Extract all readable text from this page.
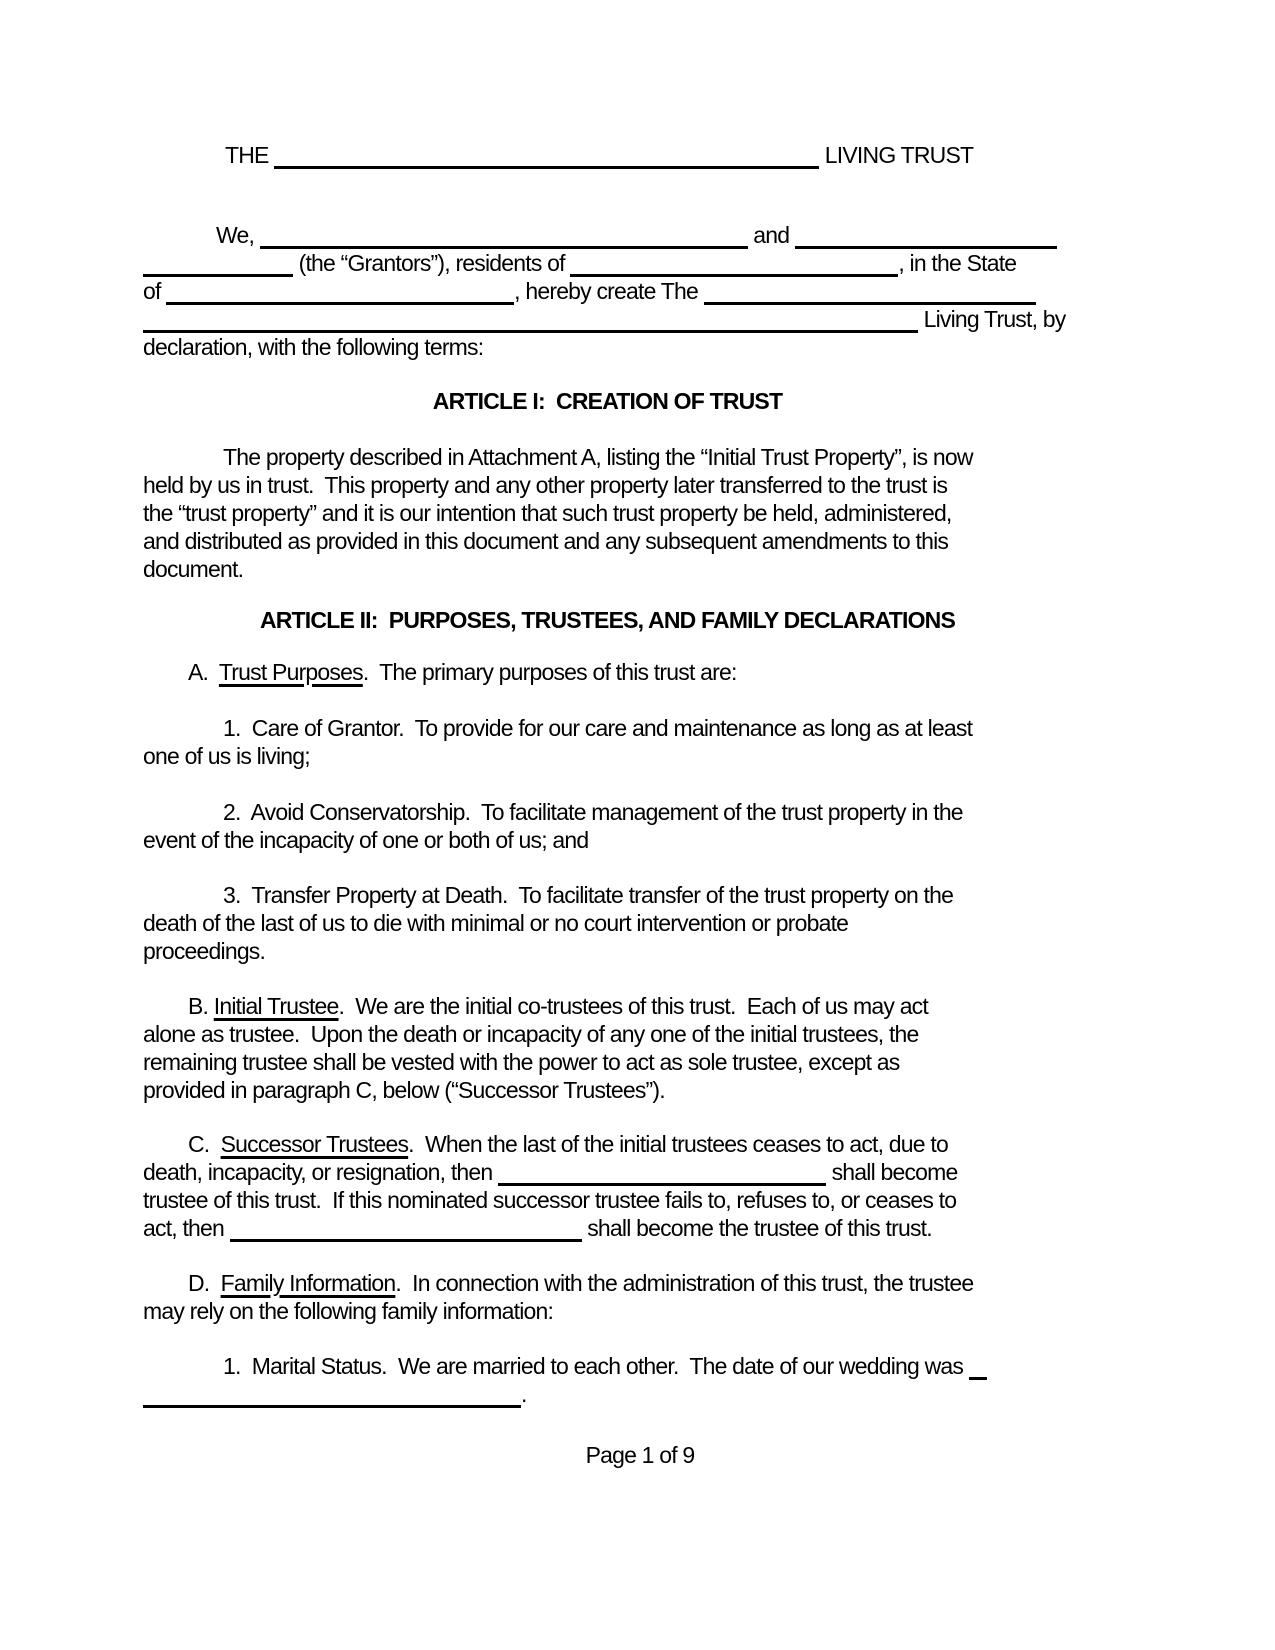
THE	LIVING TRUST
We,	and
(the “Grantors”), residents of	, in the State
of	, hereby create The
Living Trust, by
declaration, with the following terms:
ARTICLE I:  CREATION OF TRUST
The property described in Attachment A, listing the “Initial Trust Property”, is now
held by us in trust.  This property and any other property later transferred to the trust is
the “trust property” and it is our intention that such trust property be held, administered,
and distributed as provided in this document and any subsequent amendments to this
document.
ARTICLE II:  PURPOSES, TRUSTEES, AND FAMILY DECLARATIONS
A.  Trust Purposes.  The primary purposes of this trust are:
1.  Care of Grantor.  To provide for our care and maintenance as long as at least
one of us is living;
2.  Avoid Conservatorship.  To facilitate management of the trust property in the
event of the incapacity of one or both of us; and
3.  Transfer Property at Death.  To facilitate transfer of the trust property on the
death of the last of us to die with minimal or no court intervention or probate
proceedings.
B. Initial Trustee.  We are the initial co-trustees of this trust.  Each of us may act
alone as trustee.  Upon the death or incapacity of any one of the initial trustees, the
remaining trustee shall be vested with the power to act as sole trustee, except as
provided in paragraph C, below (“Successor Trustees”).
C.  Successor Trustees.  When the last of the initial trustees ceases to act, due to
death, incapacity, or resignation, then	shall become
trustee of this trust.  If this nominated successor trustee fails to, refuses to, or ceases to
act, then	shall become the trustee of this trust.
D.  Family Information.  In connection with the administration of this trust, the trustee
may rely on the following family information:
1.  Marital Status.  We are married to each other.  The date of our wedding was
.
Page 1 of 9
